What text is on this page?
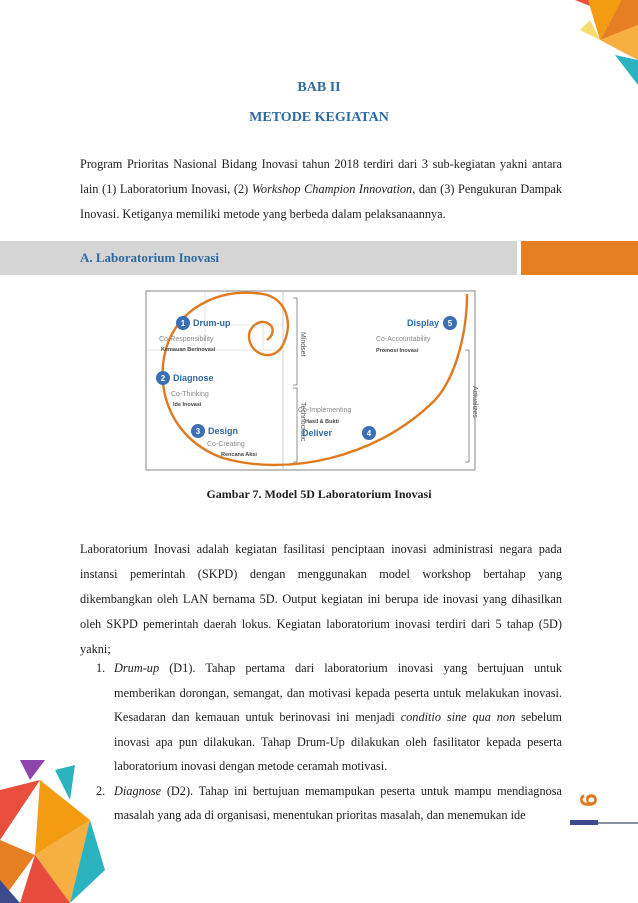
BAB II
METODE KEGIATAN
Program Prioritas Nasional Bidang Inovasi tahun 2018 terdiri dari 3 sub-kegiatan yakni antara lain (1) Laboratorium Inovasi, (2) Workshop Champion Innovation, dan (3) Pengukuran Dampak Inovasi. Ketiganya memiliki metode yang berbeda dalam pelaksanaannya.
A. Laboratorium Inovasi
Mindset
Technocratic
Actualizes
1 Drum-up
Co-Responsibility
Kemauan Berinovasi
2 Diagnose
Co-Thinking
Ide Inovasi
3 Design
Co-Creating
Rencana Aksi
Co-Implementing
Hasil & Bukti
Deliver	4
Display 5
Co-Accountability
Promosi Inovasi
Gambar 7. Model 5D Laboratorium Inovasi
Laboratorium Inovasi adalah kegiatan fasilitasi penciptaan inovasi administrasi negara pada instansi pemerintah (SKPD) dengan menggunakan model workshop bertahap yang dikembangkan oleh LAN bernama 5D. Output kegiatan ini berupa ide inovasi yang dihasilkan oleh SKPD pemerintah daerah lokus. Kegiatan laboratorium inovasi terdiri dari 5 tahap (5D) yakni;
1. Drum-up (D1). Tahap pertama dari laboratorium inovasi yang bertujuan untuk memberikan dorongan, semangat, dan motivasi kepada peserta untuk melakukan inovasi. Kesadaran dan kemauan untuk berinovasi ini menjadi conditio sine qua non sebelum inovasi apa pun dilakukan. Tahap Drum-Up dilakukan oleh fasilitator kepada peserta laboratorium inovasi dengan metode ceramah motivasi.
2. Diagnose (D2). Tahap ini bertujuan memampukan peserta untuk mampu mendiagnosa masalah yang ada di organisasi, menentukan prioritas masalah, dan menemukan ide
9
